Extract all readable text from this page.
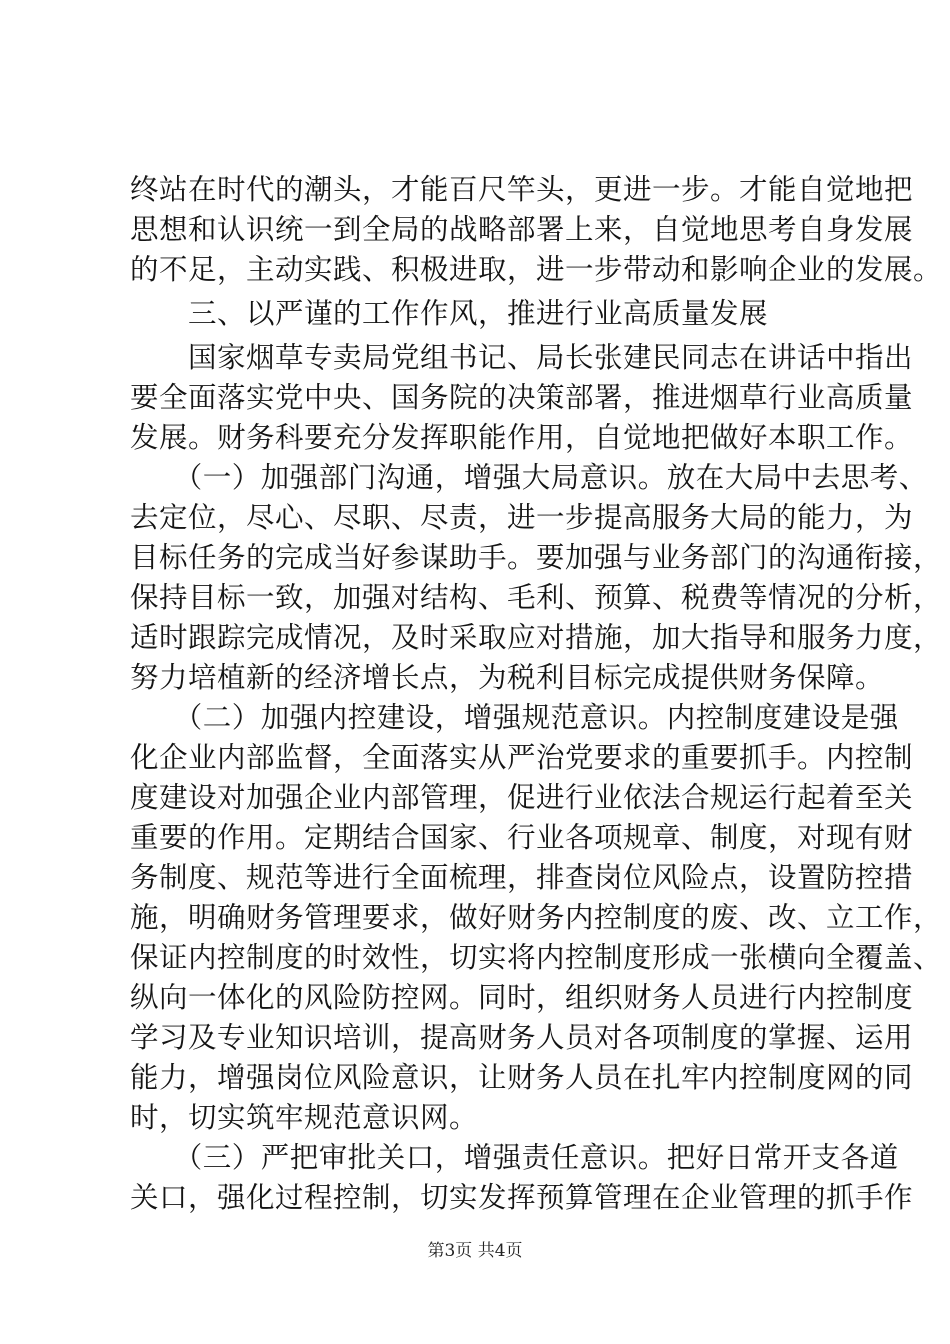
终站在时代的潮头，才能百尺竿头，更进一步。才能自觉地把
思想和认识统一到全局的战略部署上来，自觉地思考自身发展
的不足，主动实践、积极进取，进一步带动和影响企业的发展。
　　三、以严谨的工作作风，推进行业高质量发展
　　国家烟草专卖局党组书记、局长张建民同志在讲话中指出
要全面落实党中央、国务院的决策部署，推进烟草行业高质量
发展。财务科要充分发挥职能作用，自觉地把做好本职工作。
　　（一）加强部门沟通，增强大局意识。放在大局中去思考、
去定位，尽心、尽职、尽责，进一步提高服务大局的能力，为
目标任务的完成当好参谋助手。要加强与业务部门的沟通衔接，
保持目标一致，加强对结构、毛利、预算、税费等情况的分析，
适时跟踪完成情况，及时采取应对措施，加大指导和服务力度，
努力培植新的经济增长点，为税利目标完成提供财务保障。
　　（二）加强内控建设，增强规范意识。内控制度建设是强
化企业内部监督，全面落实从严治党要求的重要抓手。内控制
度建设对加强企业内部管理，促进行业依法合规运行起着至关
重要的作用。定期结合国家、行业各项规章、制度，对现有财
务制度、规范等进行全面梳理，排查岗位风险点，设置防控措
施，明确财务管理要求，做好财务内控制度的废、改、立工作，
保证内控制度的时效性，切实将内控制度形成一张横向全覆盖、
纵向一体化的风险防控网。同时，组织财务人员进行内控制度
学习及专业知识培训，提高财务人员对各项制度的掌握、运用
能力，增强岗位风险意识，让财务人员在扎牢内控制度网的同
时，切实筑牢规范意识网。
　　（三）严把审批关口，增强责任意识。把好日常开支各道
关口，强化过程控制，切实发挥预算管理在企业管理的抓手作
第3页 共4页
